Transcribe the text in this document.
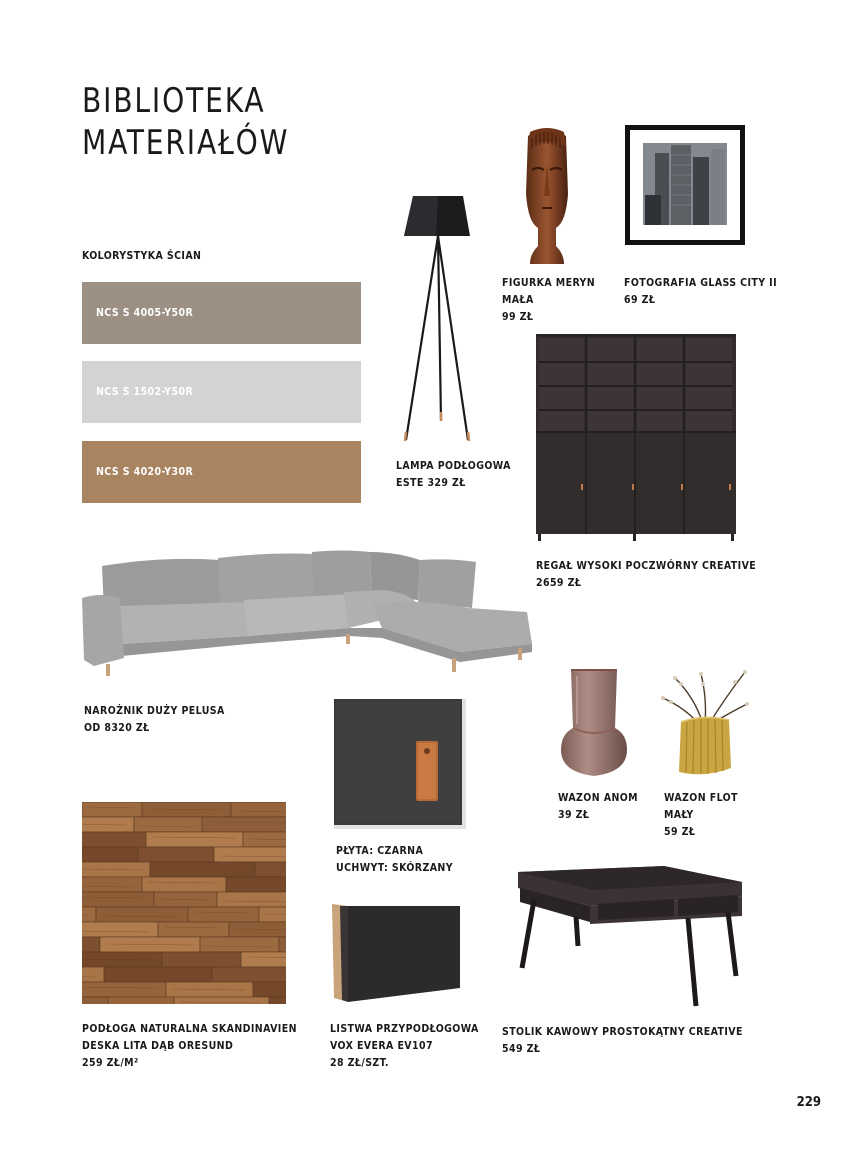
BIBLIOTEKA
MATERIAŁÓW
KOLORYSTYKA ŚCIAN
NCS S 4005-Y50R
NCS S 1502-Y50R
NCS S 4020-Y30R	LAMPA PODŁOGOWA
ESTE 329 ZŁ
FIGURKA MERYN
MAŁA
99 ZŁ
FOTOGRAFIA GLASS CITY II
69 ZŁ
REGAŁ WYSOKI POCZWÓRNY CREATIVE
2659 ZŁ
NAROŻNIK DUŻY PELUSA
OD 8320 ZŁ
PŁYTA: CZARNA
UCHWYT: SKÓRZANY
WAZON ANOM
39 ZŁ
WAZON FLOT
MAŁY
59 ZŁ
PODŁOGA NATURALNA SKANDINAVIEN
DESKA LITA DĄB ORESUND
259 ZŁ/M²
LISTWA PRZYPODŁOGOWA
VOX EVERA EV107
28 ZŁ/SZT.
STOLIK KAWOWY PROSTOKĄTNY CREATIVE
549 ZŁ
229
